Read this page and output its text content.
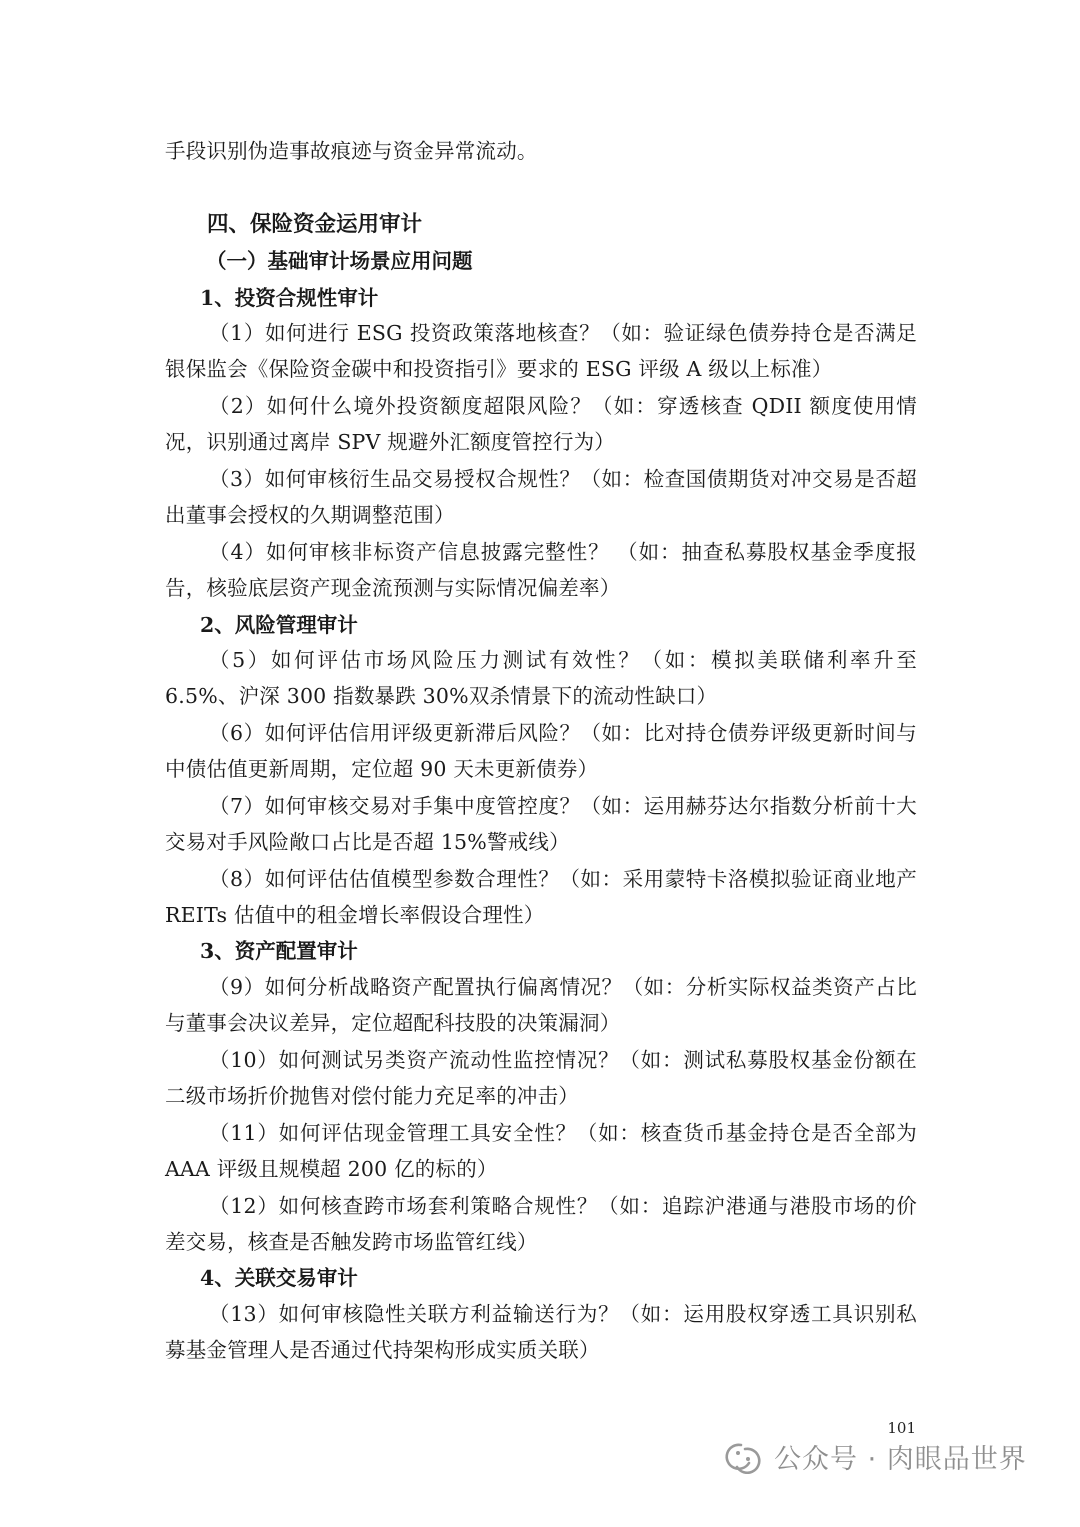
手段识别伪造事故痕迹与资金异常流动。

四、保险资金运用审计
（一）基础审计场景应用问题
1、投资合规性审计

（1）如何进行 ESG 投资政策落地核查？（如：验证绿色债券持仓是否满足银保监会《保险资金碳中和投资指引》要求的 ESG 评级 A 级以上标准）

（2）如何什么境外投资额度超限风险？（如：穿透核查 QDII 额度使用情况，识别通过离岸 SPV 规避外汇额度管控行为）

（3）如何审核衍生品交易授权合规性？（如：检查国债期货对冲交易是否超出董事会授权的久期调整范围）

（4）如何审核非标资产信息披露完整性？ （如：抽查私募股权基金季度报告，核验底层资产现金流预测与实际情况偏差率）

2、风险管理审计

（5）如何评估市场风险压力测试有效性？（如：模拟美联储利率升至 6.5%、沪深 300 指数暴跌 30%双杀情景下的流动性缺口）

（6）如何评估信用评级更新滞后风险？（如：比对持仓债券评级更新时间与中债估值更新周期，定位超 90 天未更新债券）

（7）如何审核交易对手集中度管控度？（如：运用赫芬达尔指数分析前十大交易对手风险敞口占比是否超 15%警戒线）

（8）如何评估估值模型参数合理性？（如：采用蒙特卡洛模拟验证商业地产 REITs 估值中的租金增长率假设合理性）

3、资产配置审计

（9）如何分析战略资产配置执行偏离情况？（如：分析实际权益类资产占比与董事会决议差异，定位超配科技股的决策漏洞）

（10）如何测试另类资产流动性监控情况？（如：测试私募股权基金份额在二级市场折价抛售对偿付能力充足率的冲击）

（11）如何评估现金管理工具安全性？（如：核查货币基金持仓是否全部为 AAA 评级且规模超 200 亿的标的）

（12）如何核查跨市场套利策略合规性？（如：追踪沪港通与港股市场的价差交易，核查是否触发跨市场监管红线）

4、关联交易审计

（13）如何审核隐性关联方利益输送行为？（如：运用股权穿透工具识别私募基金管理人是否通过代持架构形成实质关联）

101
公众号 · 肉眼品世界
